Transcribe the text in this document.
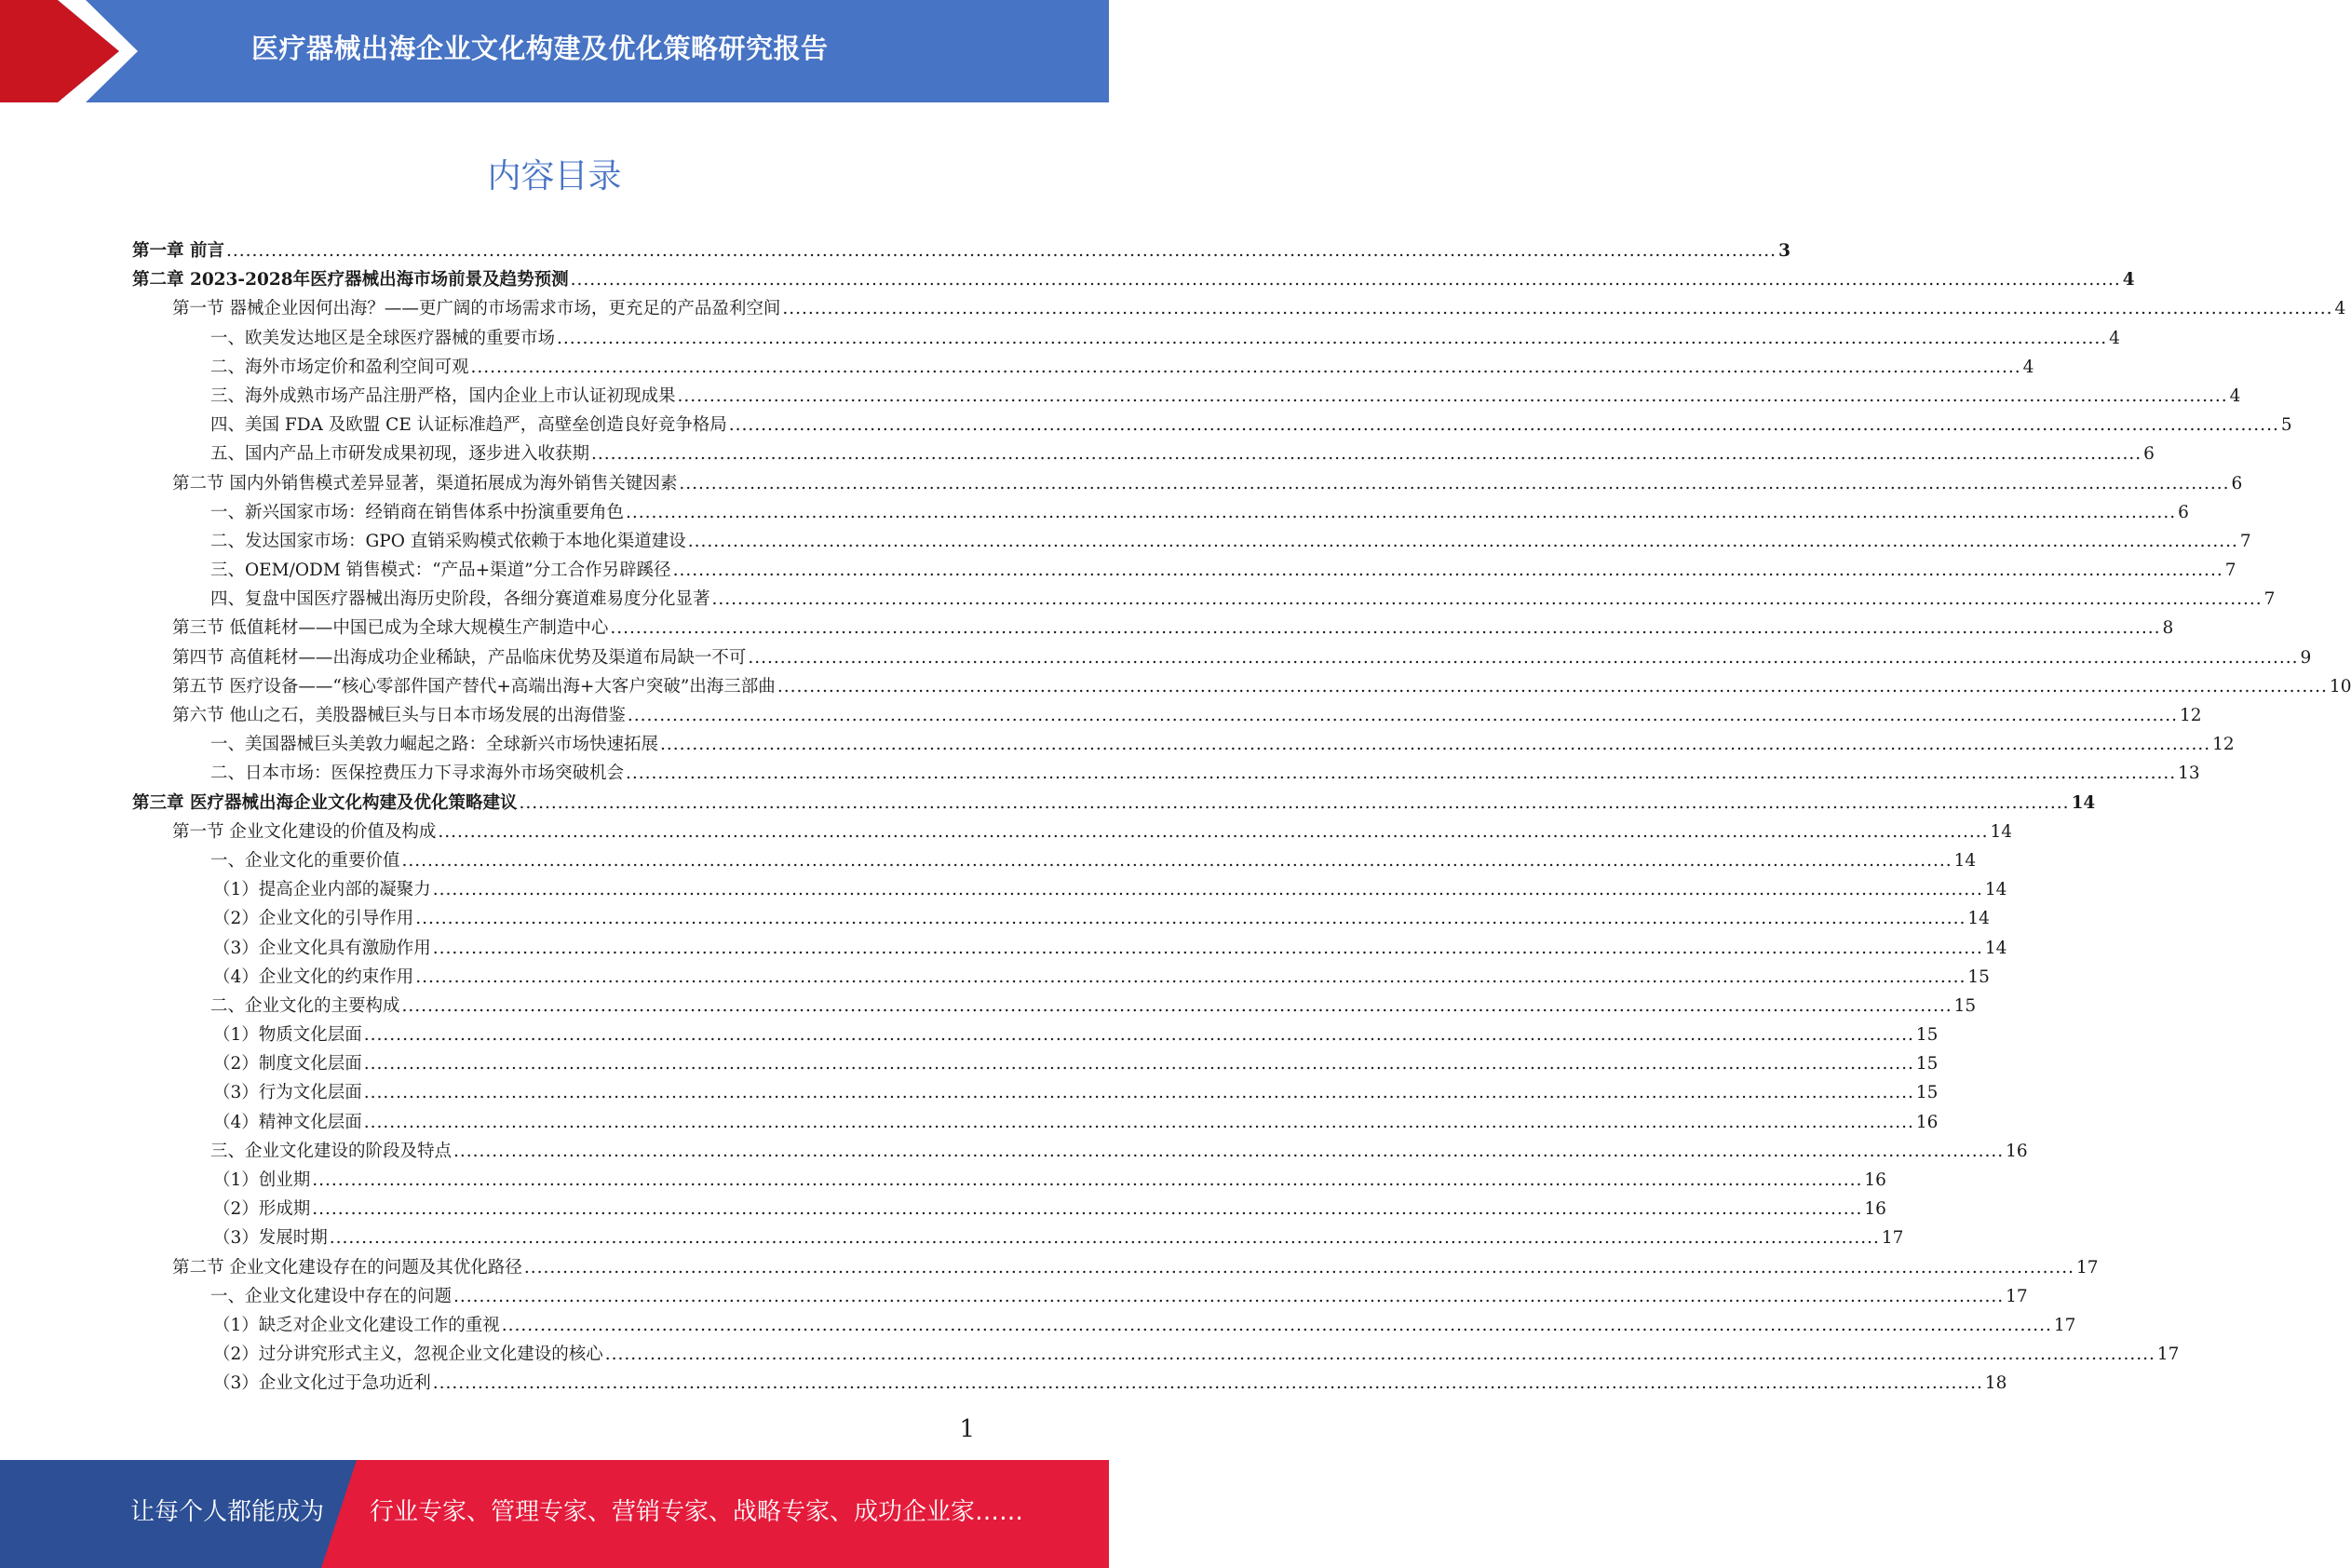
医疗器械出海企业文化构建及优化策略研究报告
内容目录
第一章 前言 .....	3
第二章 2023-2028年医疗器械出海市场前景及趋势预测 .....	4
第一节 器械企业因何出海？——更广阔的市场需求市场，更充足的产品盈利空间 .....	4
一、欧美发达地区是全球医疗器械的重要市场 .....	4
二、海外市场定价和盈利空间可观 .....	4
三、海外成熟市场产品注册严格，国内企业上市认证初现成果 .....	4
四、美国 FDA 及欧盟 CE 认证标准趋严，高壁垒创造良好竞争格局 .....	5
五、国内产品上市研发成果初现，逐步进入收获期 .....	6
第二节 国内外销售模式差异显著，渠道拓展成为海外销售关键因素 .....	6
一、新兴国家市场：经销商在销售体系中扮演重要角色 .....	6
二、发达国家市场：GPO 直销采购模式依赖于本地化渠道建设 .....	7
三、OEM/ODM 销售模式：“产品+渠道”分工合作另辟蹊径 .....	7
四、复盘中国医疗器械出海历史阶段，各细分赛道难易度分化显著 .....	7
第三节 低值耗材——中国已成为全球大规模生产制造中心 .....	8
第四节 高值耗材——出海成功企业稀缺，产品临床优势及渠道布局缺一不可 .....	9
第五节 医疗设备——“核心零部件国产替代+高端出海+大客户突破”出海三部曲 .....	10
第六节 他山之石，美股器械巨头与日本市场发展的出海借鉴 .....	12
一、美国器械巨头美敦力崛起之路：全球新兴市场快速拓展 .....	12
二、日本市场：医保控费压力下寻求海外市场突破机会 .....	13
第三章 医疗器械出海企业文化构建及优化策略建议 .....	14
第一节 企业文化建设的价值及构成 .....	14
一、企业文化的重要价值 .....	14
（1）提高企业内部的凝聚力 .....	14
（2）企业文化的引导作用 .....	14
（3）企业文化具有激励作用 .....	14
（4）企业文化的约束作用 .....	15
二、企业文化的主要构成 .....	15
（1）物质文化层面 .....	15
（2）制度文化层面 .....	15
（3）行为文化层面 .....	15
（4）精神文化层面 .....	16
三、企业文化建设的阶段及特点 .....	16
（1）创业期 .....	16
（2）形成期 .....	16
（3）发展时期 .....	17
第二节 企业文化建设存在的问题及其优化路径 .....	17
一、企业文化建设中存在的问题 .....	17
（1）缺乏对企业文化建设工作的重视 .....	17
（2）过分讲究形式主义，忽视企业文化建设的核心 .....	17
（3）企业文化过于急功近利 .....	18
1
让每个人都能成为 行业专家、管理专家、营销专家、战略专家、成功企业家……
